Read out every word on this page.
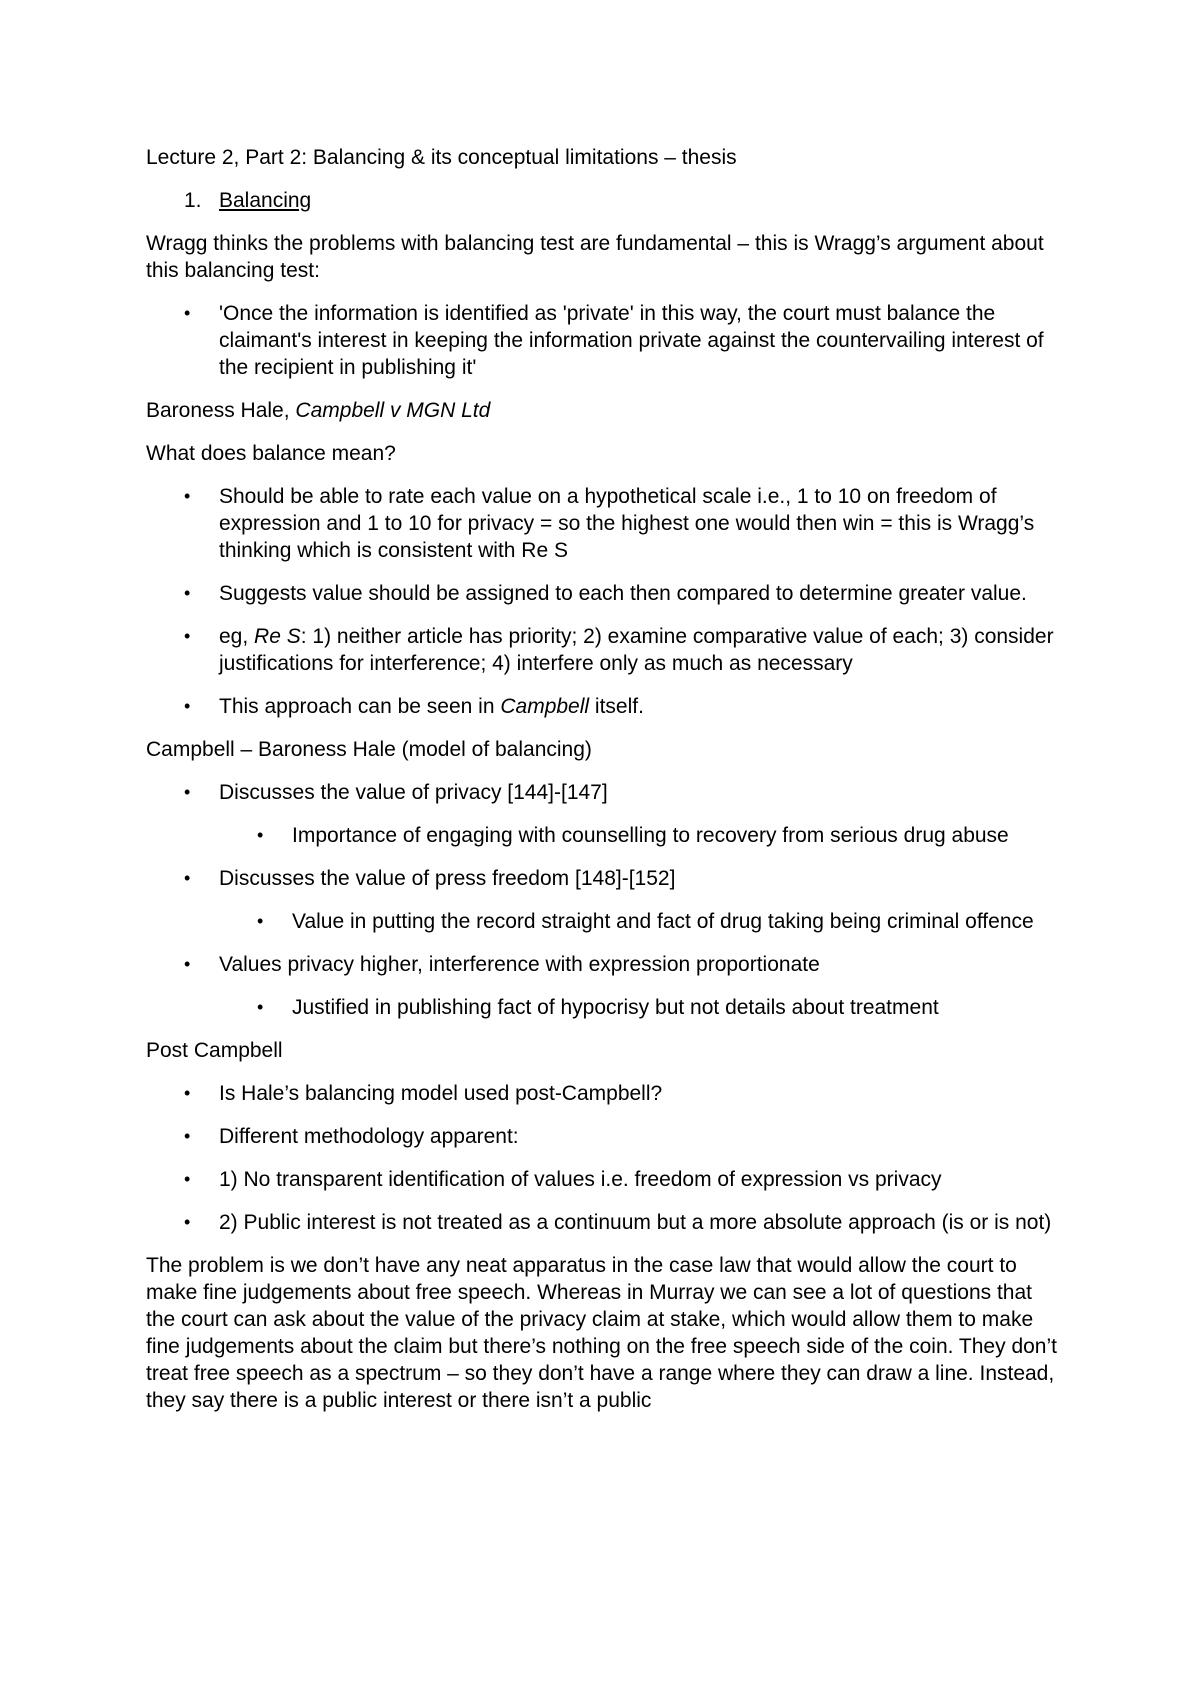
Lecture 2, Part 2: Balancing & its conceptual limitations – thesis

1. Balancing

Wragg thinks the problems with balancing test are fundamental – this is Wragg’s argument about this balancing test:

• 'Once the information is identified as 'private' in this way, the court must balance the claimant's interest in keeping the information private against the countervailing interest of the recipient in publishing it'

Baroness Hale, Campbell v MGN Ltd

What does balance mean?

• Should be able to rate each value on a hypothetical scale i.e., 1 to 10 on freedom of expression and 1 to 10 for privacy = so the highest one would then win = this is Wragg’s thinking which is consistent with Re S
• Suggests value should be assigned to each then compared to determine greater value.
• eg, Re S: 1) neither article has priority; 2) examine comparative value of each; 3) consider justifications for interference; 4) interfere only as much as necessary
• This approach can be seen in Campbell itself.

Campbell – Baroness Hale (model of balancing)

• Discusses the value of privacy [144]-[147]
• Importance of engaging with counselling to recovery from serious drug abuse
• Discusses the value of press freedom [148]-[152]
• Value in putting the record straight and fact of drug taking being criminal offence
• Values privacy higher, interference with expression proportionate
• Justified in publishing fact of hypocrisy but not details about treatment

Post Campbell

• Is Hale’s balancing model used post-Campbell?
• Different methodology apparent:
• 1) No transparent identification of values i.e. freedom of expression vs privacy
• 2) Public interest is not treated as a continuum but a more absolute approach (is or is not)

The problem is we don’t have any neat apparatus in the case law that would allow the court to make fine judgements about free speech. Whereas in Murray we can see a lot of questions that the court can ask about the value of the privacy claim at stake, which would allow them to make fine judgements about the claim but there’s nothing on the free speech side of the coin. They don’t treat free speech as a spectrum – so they don’t have a range where they can draw a line. Instead, they say there is a public interest or there isn’t a public
